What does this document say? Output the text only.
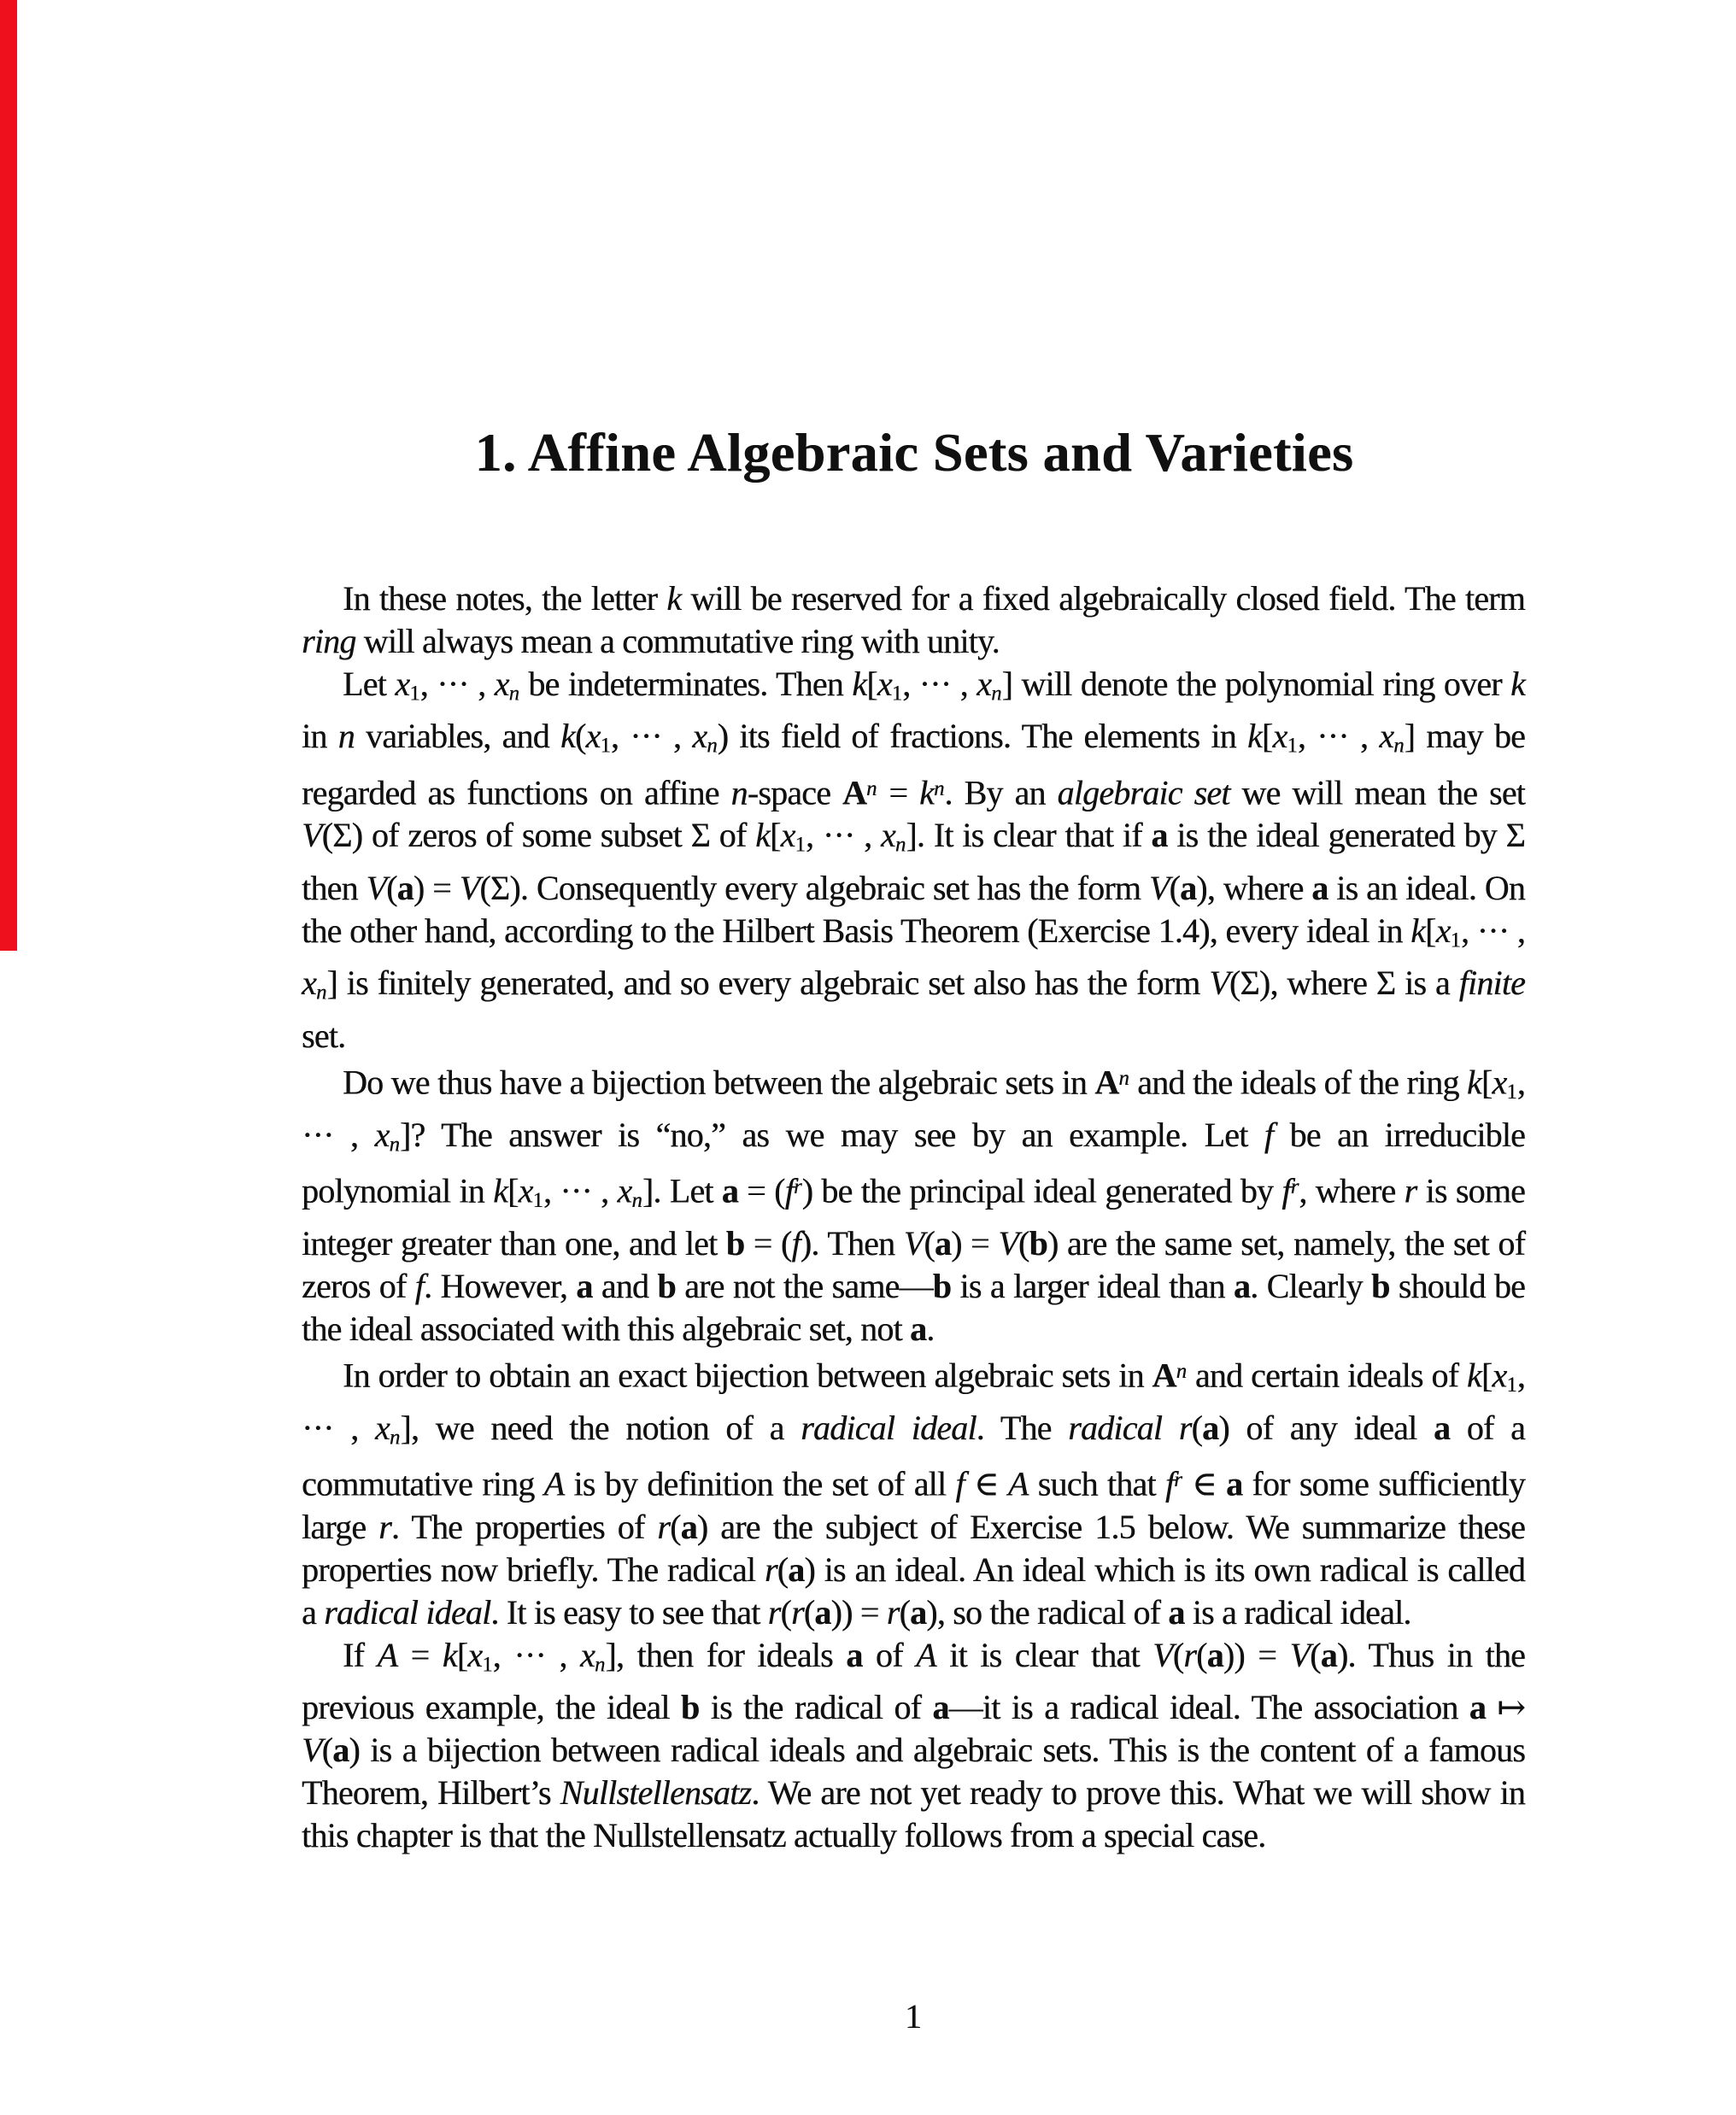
1. Affine Algebraic Sets and Varieties

In these notes, the letter k will be reserved for a fixed algebraically closed field. The term ring will always mean a commutative ring with unity.

Let $x_1$, ··· , $x_n$ be indeterminates. Then $k[x_1$, ··· , $x_n$] will denote the polynomial ring over k in n variables, and $k(x_1$, ··· , $x_n$) its field of fractions. The elements in $k[x_1$, ··· , $x_n$] may be regarded as functions on affine n-space $A^n = k^n$. By an algebraic set we will mean the set V(Σ) of zeros of some subset Σ of $k[x_1$, ··· , $x_n$]. It is clear that if a is the ideal generated by Σ then V(a) = V(Σ). Consequently every algebraic set has the form V(a), where a is an ideal. On the other hand, according to the Hilbert Basis Theorem (Exercise 1.4), every ideal in $k[x_1$, ··· , $x_n$] is finitely generated, and so every algebraic set also has the form V(Σ), where Σ is a finite set.

Do we thus have a bijection between the algebraic sets in $A^n$ and the ideals of the ring $k[x_1$, ··· , $x_n$]? The answer is “no,” as we may see by an example. Let f be an irreducible polynomial in $k[x_1$, ··· , $x_n$]. Let $a = (f^r)$ be the principal ideal generated by $f^r$, where r is some integer greater than one, and let b = (f). Then V(a) = V(b) are the same set, namely, the set of zeros of f. However, a and b are not the same—b is a larger ideal than a. Clearly b should be the ideal associated with this algebraic set, not a.

In order to obtain an exact bijection between algebraic sets in $A^n$ and certain ideals of $k[x_1$, ··· , $x_n$], we need the notion of a radical ideal. The radical r(a) of any ideal a of a commutative ring A is by definition the set of all f ∈ A such that $f^r$ ∈ a for some sufficiently large r. The properties of r(a) are the subject of Exercise 1.5 below. We summarize these properties now briefly. The radical r(a) is an ideal. An ideal which is its own radical is called a radical ideal. It is easy to see that r(r(a)) = r(a), so the radical of a is a radical ideal.

If $A = k[x_1$, ··· , $x_n$], then for ideals a of A it is clear that V(r(a)) = V(a). Thus in the previous example, the ideal b is the radical of a—it is a radical ideal. The association a ↦ V(a) is a bijection between radical ideals and algebraic sets. This is the content of a famous Theorem, Hilbert’s Nullstellensatz. We are not yet ready to prove this. What we will show in this chapter is that the Nullstellensatz actually follows from a special case.

1
